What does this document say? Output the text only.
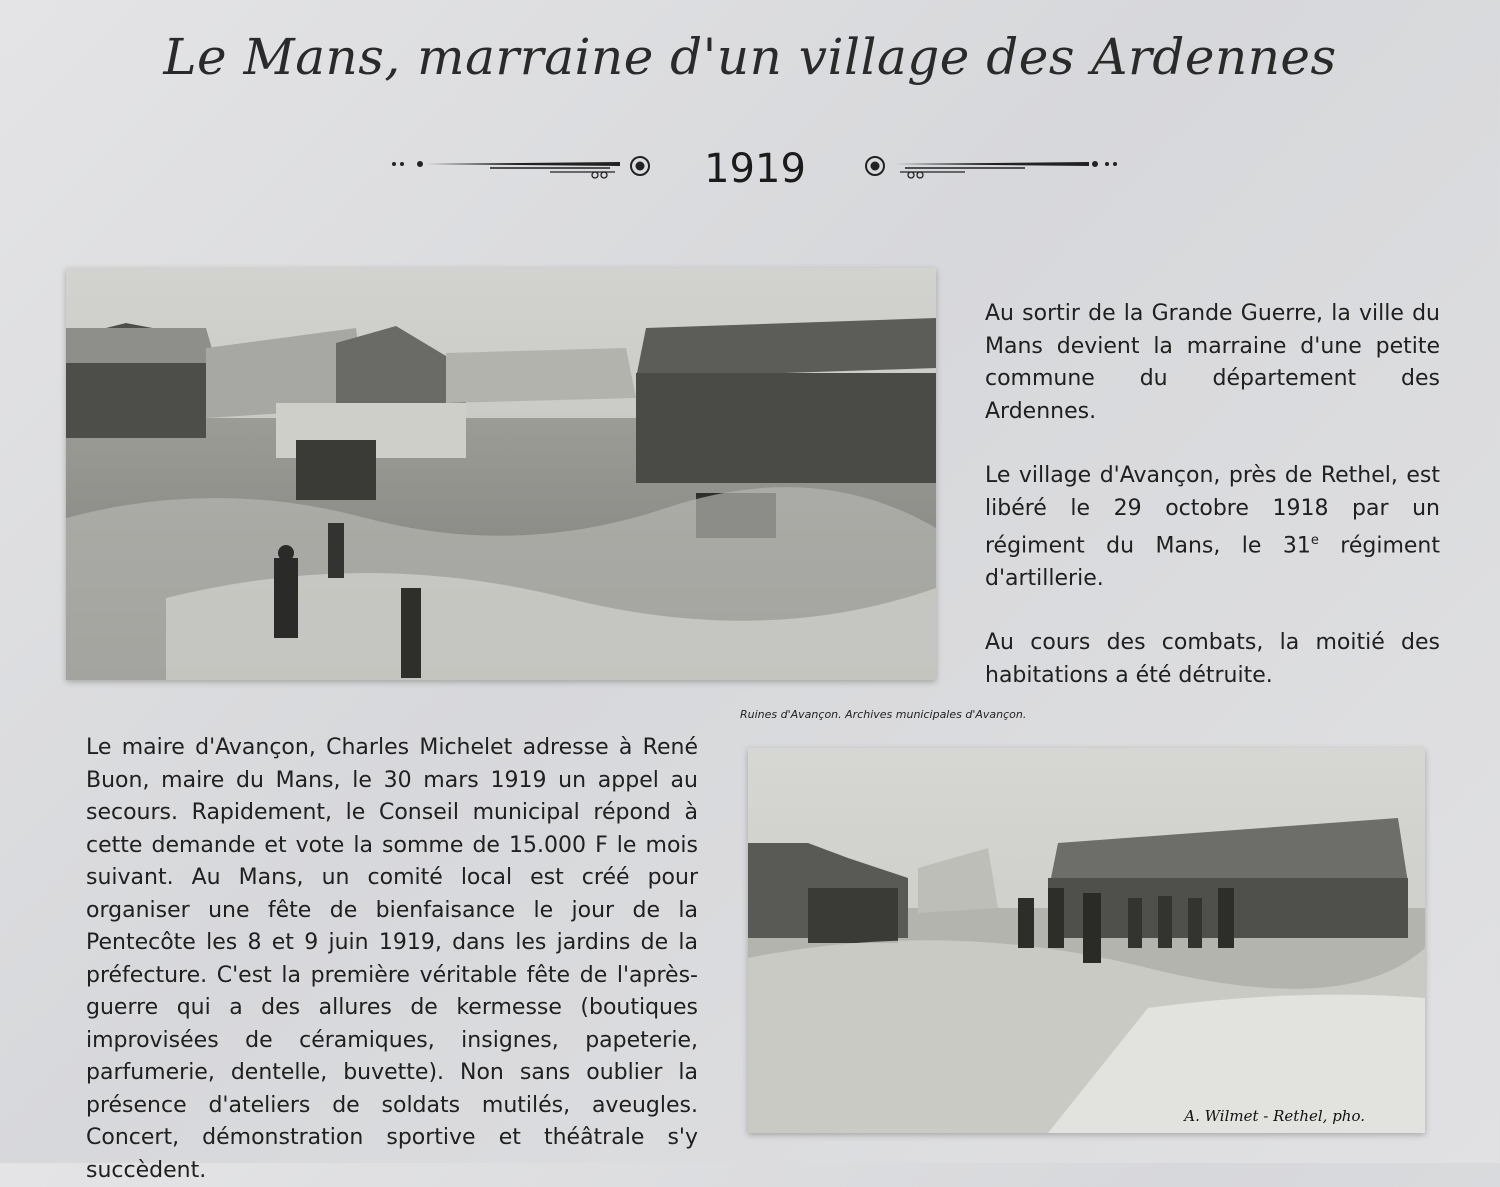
Le Mans, marraine d'un village des Ardennes
1919
Ruines d'Avançon. Archives municipales d'Avançon.

Au sortir de la Grande Guerre, la ville du Mans devient la marraine d'une petite commune du département des Ardennes.

Le village d'Avançon, près de Rethel, est libéré le 29 octobre 1918 par un régiment du Mans, le 31e régiment d'artillerie.

Au cours des combats, la moitié des habitations a été détruite.

Le maire d'Avançon, Charles Michelet adresse à René Buon, maire du Mans, le 30 mars 1919 un appel au secours. Rapidement, le Conseil municipal répond à cette demande et vote la somme de 15.000 F le mois suivant. Au Mans, un comité local est créé pour organiser une fête de bienfaisance le jour de la Pentecôte les 8 et 9 juin 1919, dans les jardins de la préfecture. C'est la première véritable fête de l'après-guerre qui a des allures de kermesse (boutiques improvisées de céramiques, insignes, papeterie, parfumerie, dentelle, buvette). Non sans oublier la présence d'ateliers de soldats mutilés, aveugles. Concert, démonstration sportive et théâtrale s'y succèdent.

A. Wilmet - Rethel, pho.
